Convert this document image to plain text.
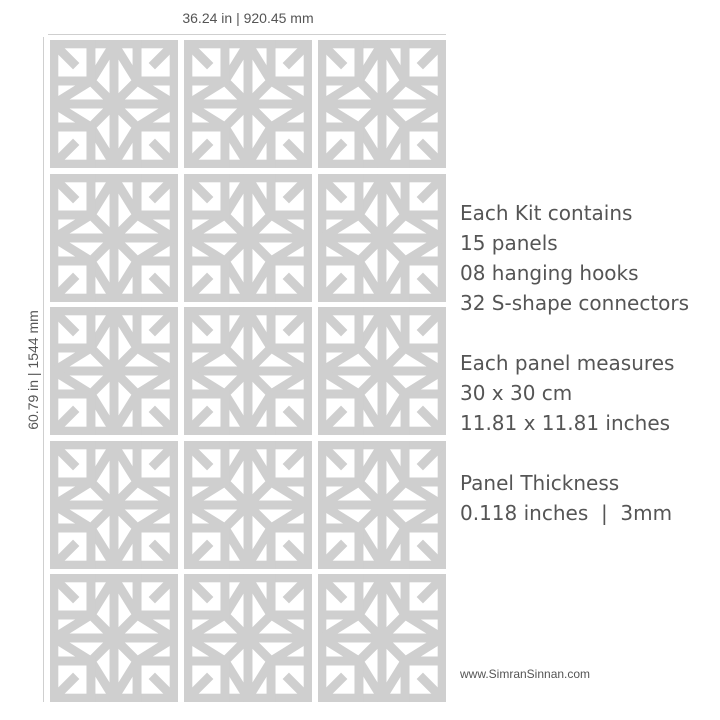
36.24 in | 920.45 mm
60.79 in | 1544 mm
Each Kit contains
15 panels
08 hanging hooks
32 S-shape connectors
Each panel measures
30 x 30 cm
11.81 x 11.81 inches
Panel Thickness
0.118 inches  |  3mm
www.SimranSinnan.com
